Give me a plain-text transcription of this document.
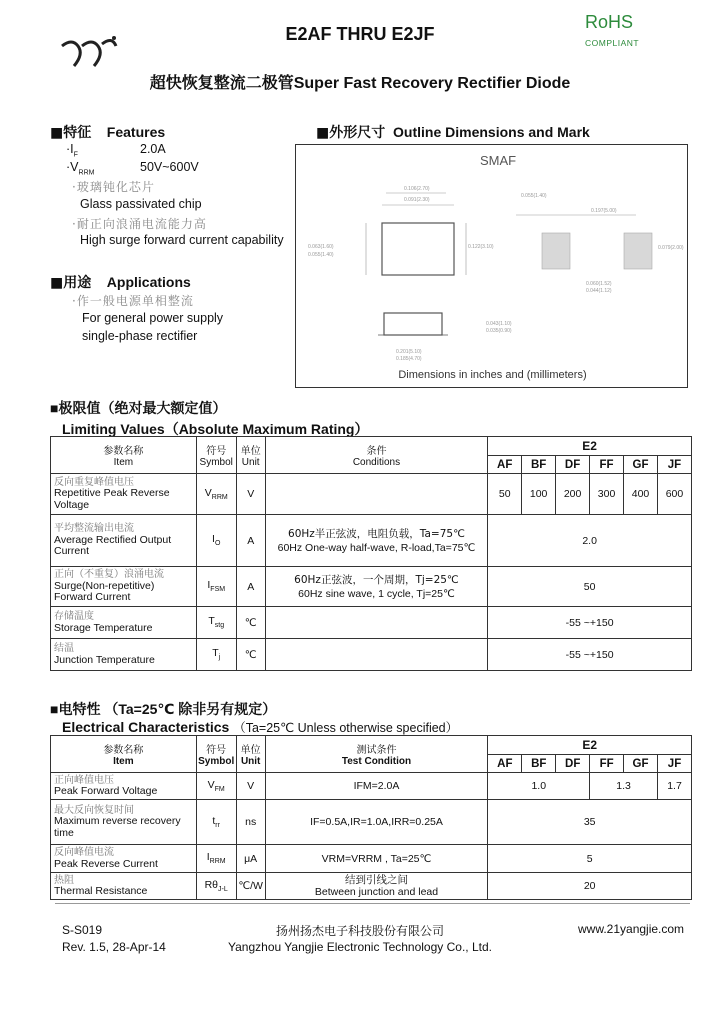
E2AF THRU E2JF
RoHS
COMPLIANT
超快恢复整流二极管Super Fast Recovery Rectifier Diode
■特征 Features
$\cdot I_F$	2.0A
$\cdot V_{RRM}$	50V~600V
·玻璃钝化芯片
Glass passivated chip
·耐正向浪涌电流能力高
High surge forward current capability
■用途 Applications
·作一般电源单相整流
For general power supply
single-phase rectifier
■外形尺寸 Outline Dimensions and Mark
SMAF
0.106(2.70)
0.091(2.30)
0.063(1.60)
0.055(1.40)
0.122(3.10)
0.043(1.10)
0.035(0.90)
0.201(5.10)
0.185(4.70)
0.197(5.00)
0.055(1.40)
0.060(1.52)
0.044(1.12)
0.079(2.00)
Dimensions in inches and (millimeters)
■极限值（绝对最大额定值）
Limiting Values（Absolute Maximum Rating）
参数名称
Item	符号
Symbol	单位
Unit	条件
Conditions	E2					
				AF	BF	DF	FF	GF	JF
反向重复峰值电压
Repetitive Peak Reverse
Voltage	$V_{RRM}$	V		50	100	200	300	400	600
平均整流输出电流
Average Rectified Output
Current	$I_O$	A	60Hz半正弦波，电阻负载，Ta=75℃
60Hz One-way half-wave, R-load,Ta=75℃	2.0					
正向（不重复）浪涌电流
Surge(Non-repetitive)
Forward Current	$I_{FSM}$	A	60Hz正弦波，一个周期，Tj=25℃
60Hz sine wave, 1 cycle, Tj=25℃	50					
存储温度
Storage Temperature	$T_{stg}$	℃		-55 ~+150					
结温
Junction Temperature	$T_j$	℃		-55 ~+150					
■电特性 （Ta=25℃ 除非另有规定）
Electrical Characteristics （Ta=25℃ Unless otherwise specified）
参数名称
Item	符号
Symbol	单位
Unit	测试条件
Test Condition	E2					
				AF	BF	DF	FF	GF	JF
正向峰值电压
Peak Forward Voltage	$V_{FM}$	V	IFM=2.0A	1.0			1.3		1.7
最大反向恢复时间
Maximum reverse recovery
time	$t_{rr}$	ns	IF=0.5A,IR=1.0A,IRR=0.25A	35					
反向峰值电流
Peak Reverse Current	$I_{RRM}$	μA	VRM=VRRM , Ta=25℃	5					
热阻
Thermal Resistance	$R\theta_{J-L}$	℃/W	结到引线之间
Between junction and lead	20					
S-S019
Rev. 1.5, 28-Apr-14
扬州扬杰电子科技股份有限公司
Yangzhou Yangjie Electronic Technology Co., Ltd.
www.21yangjie.com
